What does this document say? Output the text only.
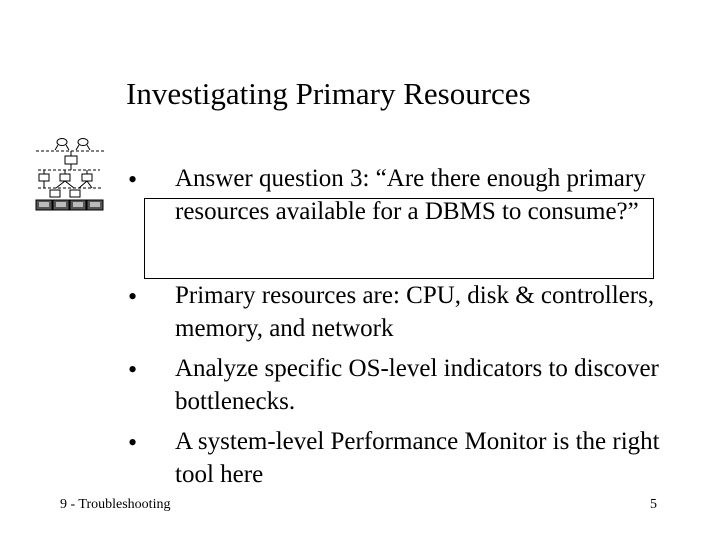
Investigating Primary Resources
• Answer question 3: “Are there enough primary resources available for a DBMS to consume?”
• Primary resources are: CPU, disk & controllers, memory, and network
• Analyze specific OS-level indicators to discover bottlenecks.
• A system-level Performance Monitor is the right tool here
9 - Troubleshooting	5
